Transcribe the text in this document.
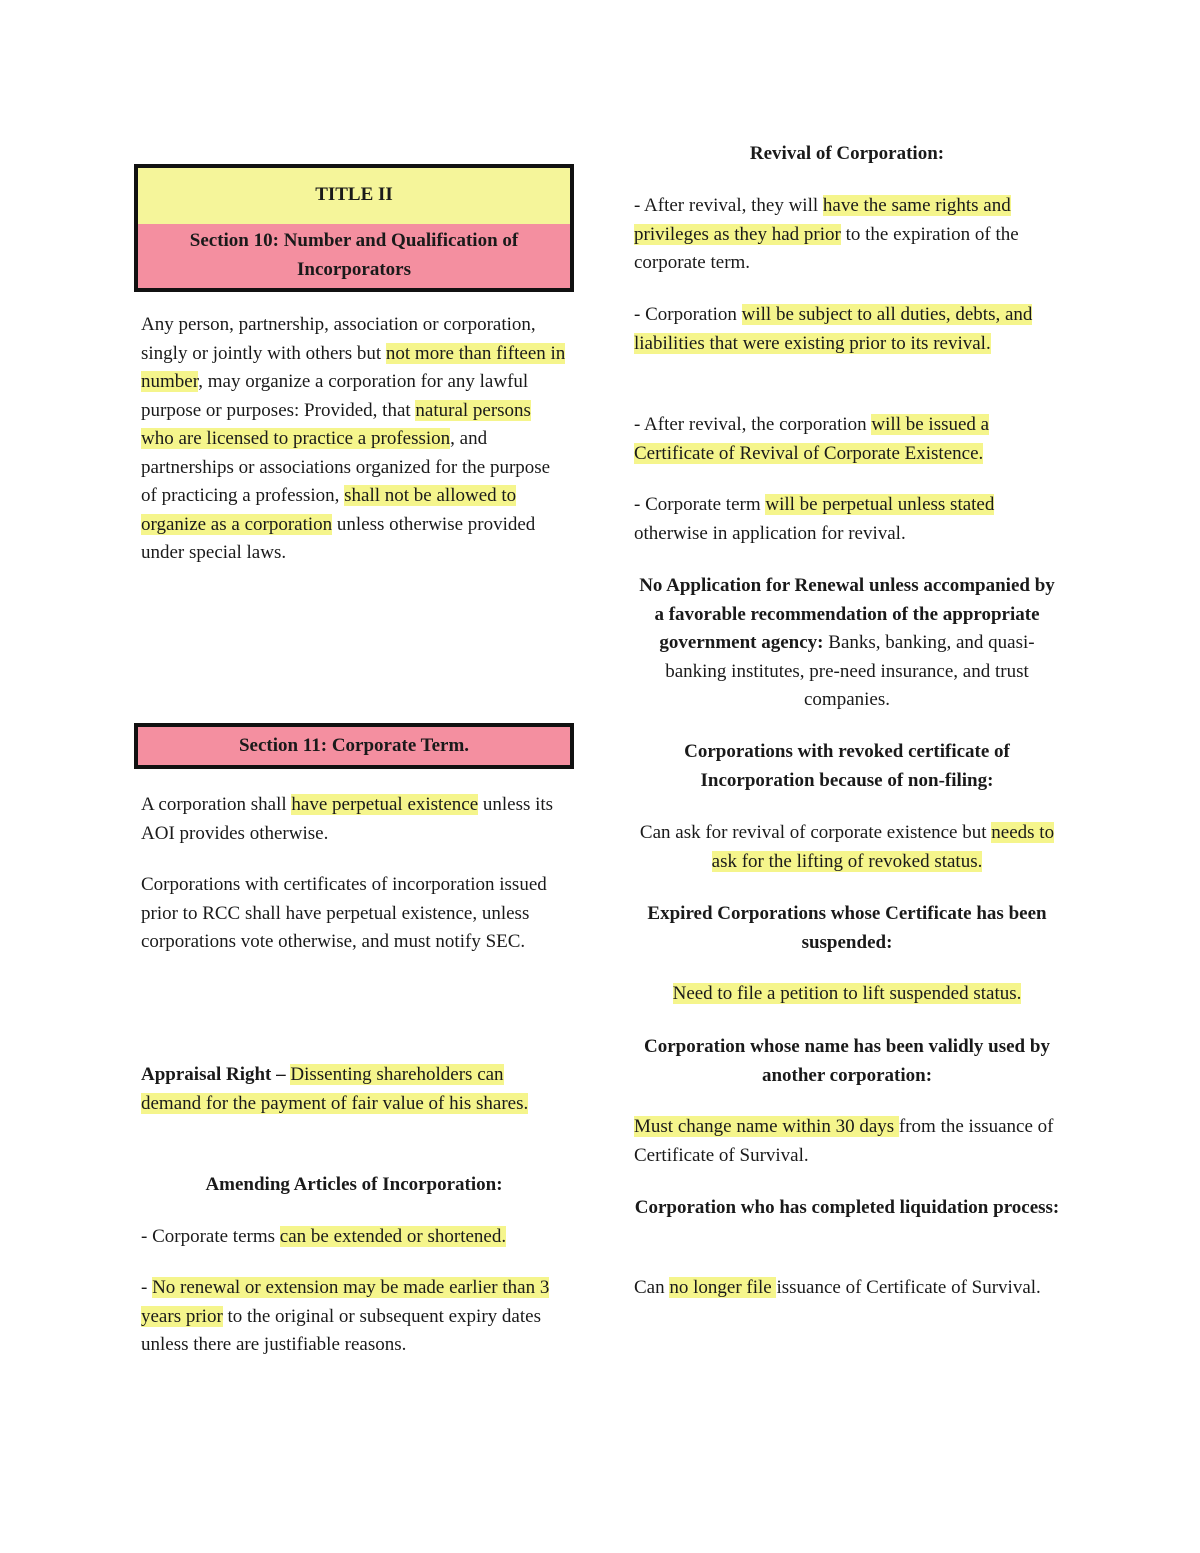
TITLE II
Section 10: Number and Qualification of Incorporators
Section 11: Corporate Term.

Any person, partnership, association or corporation, singly or jointly with others but not more than fifteen in number, may organize a corporation for any lawful purpose or purposes: Provided, that natural persons who are licensed to practice a profession, and partnerships or associations organized for the purpose of practicing a profession, shall not be allowed to organize as a corporation unless otherwise provided under special laws.

A corporation shall have perpetual existence unless its AOI provides otherwise.

Corporations with certificates of incorporation issued prior to RCC shall have perpetual existence, unless corporations vote otherwise, and must notify SEC.

Appraisal Right – Dissenting shareholders can demand for the payment of fair value of his shares.

Amending Articles of Incorporation:

- Corporate terms can be extended or shortened.

- No renewal or extension may be made earlier than 3 years prior to the original or subsequent expiry dates unless there are justifiable reasons.

Revival of Corporation:

- After revival, they will have the same rights and privileges as they had prior to the expiration of the corporate term.

- Corporation will be subject to all duties, debts, and liabilities that were existing prior to its revival.

- After revival, the corporation will be issued a Certificate of Revival of Corporate Existence.

- Corporate term will be perpetual unless stated otherwise in application for revival.

No Application for Renewal unless accompanied by a favorable recommendation of the appropriate government agency: Banks, banking, and quasi-banking institutes, pre-need insurance, and trust companies.

Corporations with revoked certificate of Incorporation because of non-filing:

Can ask for revival of corporate existence but needs to ask for the lifting of revoked status.

Expired Corporations whose Certificate has been suspended:

Need to file a petition to lift suspended status.

Corporation whose name has been validly used by another corporation:

Must change name within 30 days from the issuance of Certificate of Survival.

Corporation who has completed liquidation process:

Can no longer file issuance of Certificate of Survival.
